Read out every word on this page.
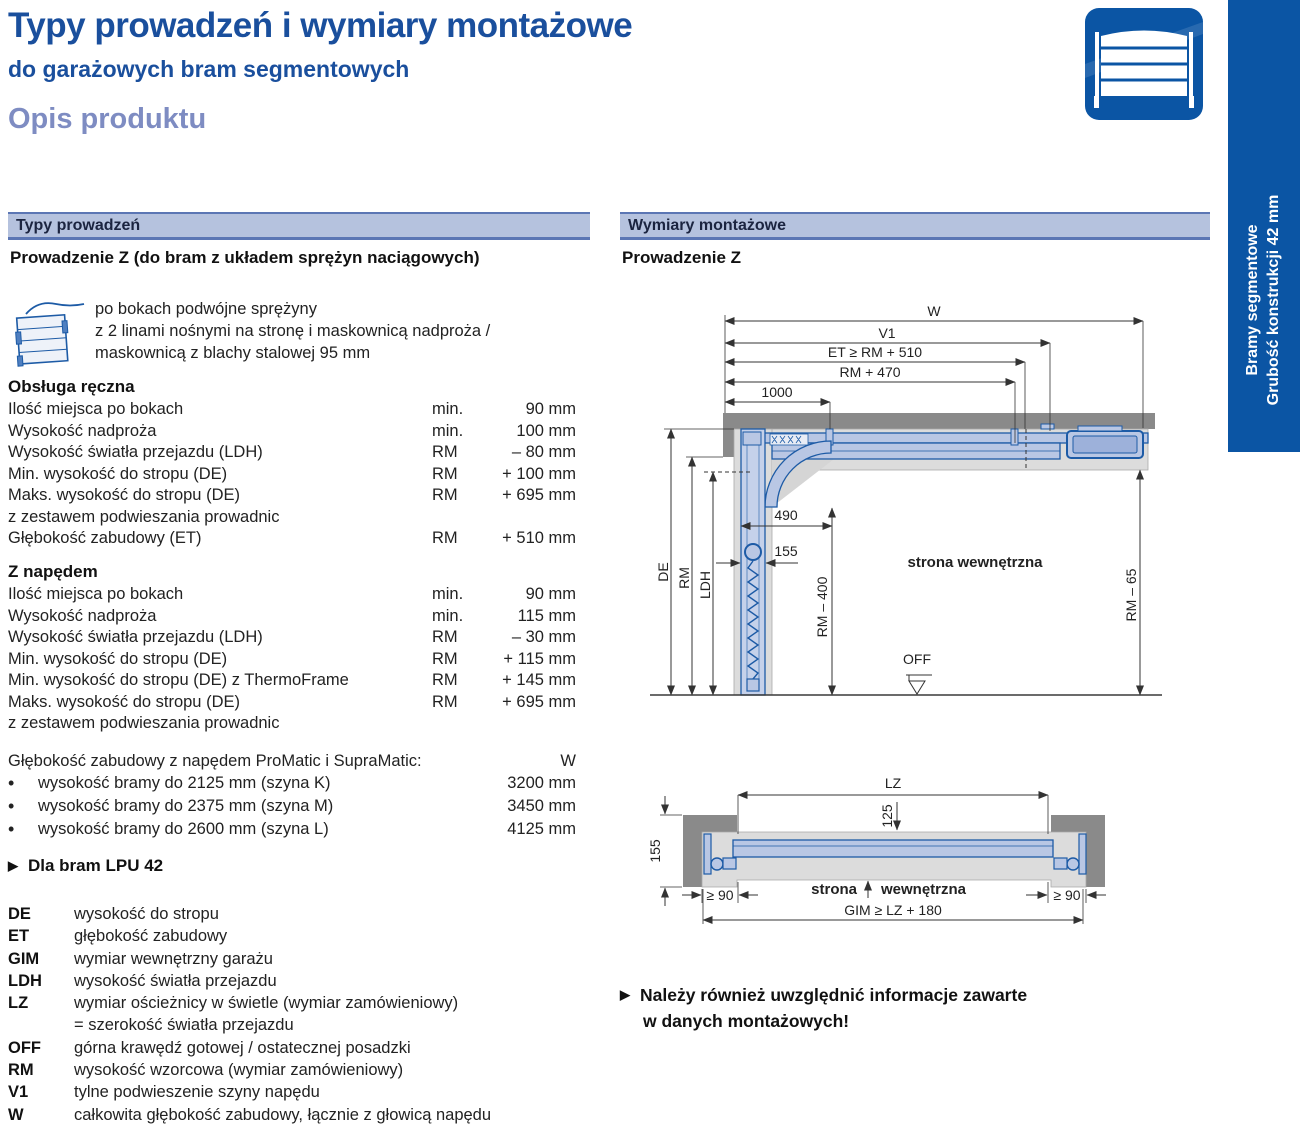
Typy prowadzeń i wymiary montażowe
do garażowych bram segmentowych
Opis produktu
Bramy segmentowe Grubość konstrukcji 42 mm
Typy prowadzeń
Prowadzenie Z (do bram z układem sprężyn naciągowych)
po bokach podwójne sprężyny
z 2 linami nośnymi na stronę i maskownicą nadproża /
maskownicą z blachy stalowej 95 mm
Obsługa ręczna
Ilość miejsca po bokach	min.	90 mm
Wysokość nadproża	min.	100 mm
Wysokość światła przejazdu (LDH)	RM	– 80 mm
Min. wysokość do stropu (DE)	RM	+ 100 mm
Maks. wysokość do stropu (DE)	RM	+ 695 mm
z zestawem podwieszania prowadnic
Głębokość zabudowy (ET)	RM	+ 510 mm
Z napędem
Ilość miejsca po bokach	min.	90 mm
Wysokość nadproża	min.	115 mm
Wysokość światła przejazdu (LDH)	RM	– 30 mm
Min. wysokość do stropu (DE)	RM	+ 115 mm
Min. wysokość do stropu (DE) z ThermoFrame	RM	+ 145 mm
Maks. wysokość do stropu (DE)	RM	+ 695 mm
z zestawem podwieszania prowadnic
Głębokość zabudowy z napędem ProMatic i SupraMatic:	W
•
wysokość bramy do 2125 mm (szyna K)	3200 mm
•
wysokość bramy do 2375 mm (szyna M)	3450 mm
•
wysokość bramy do 2600 mm (szyna L)	4125 mm
▶ Dla bram LPU 42
DE	wysokość do stropu
ET	głębokość zabudowy
GIM	wymiar wewnętrzny garażu
LDH	wysokość światła przejazdu
LZ	wymiar ościeżnicy w świetle (wymiar zamówieniowy)
= szerokość światła przejazdu
OFF	górna krawędź gotowej / ostatecznej posadzki
RM	wysokość wzorcowa (wymiar zamówieniowy)
V1	tylne podwieszenie szyny napędu
W	całkowita głębokość zabudowy, łącznie z głowicą napędu
Wymiary montażowe
Prowadzenie Z
W
V1
ET ≥ RM + 510
RM + 470
1000
DE RM LDH
490
RM – 400
155
strona wewnętrzna
OFF
RM – 65
LZ
125
155
≥ 90	≥ 90
strona wewnętrzna
GIM ≥ LZ + 180
▶ Należy również uwzględnić informacje zawarte
w danych montażowych!
